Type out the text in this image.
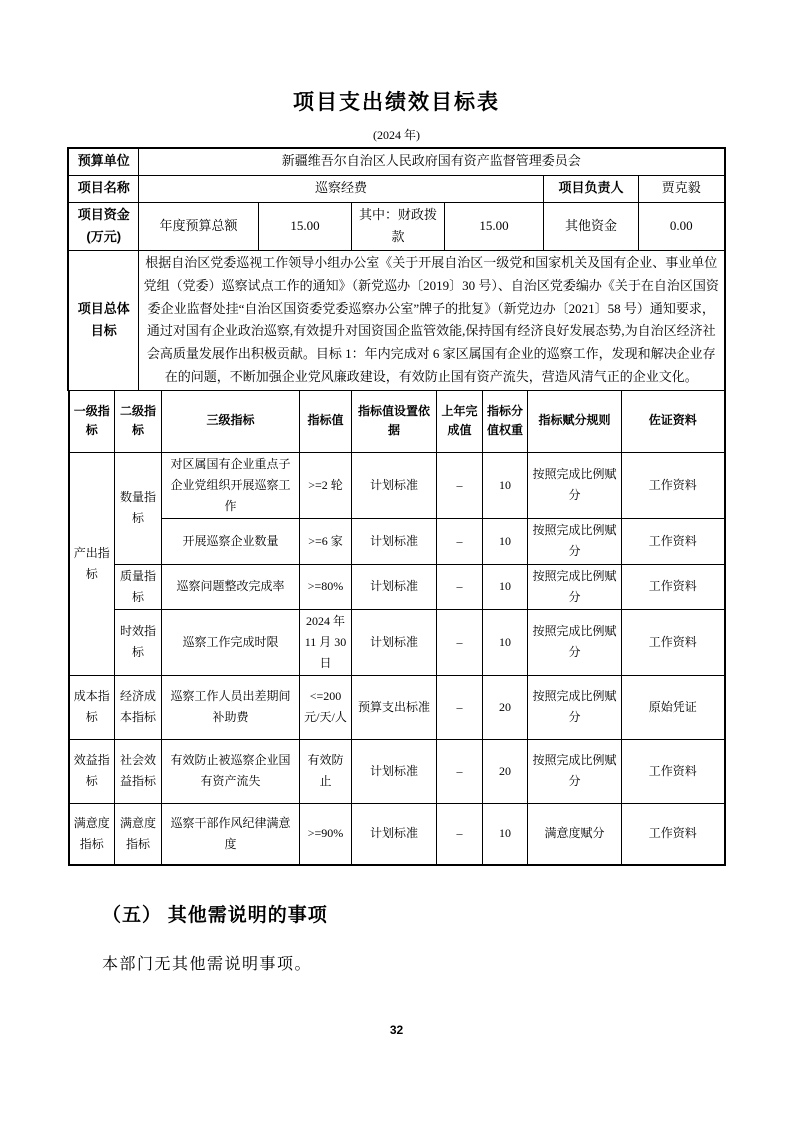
项目支出绩效目标表
(2024 年)
预算单位	新疆维吾尔自治区人民政府国有资产监督管理委员会					
项目名称	巡察经费				项目负责人	贾克毅
项目资金(万元)	年度预算总额	15.00	其中：财政拨款	15.00	其他资金	0.00
项目总体目标	根据自治区党委巡视工作领导小组办公室《关于开展自治区一级党和国家机关及国有企业、事业单位党组（党委）巡察试点工作的通知》（新党巡办〔2019〕30 号）、自治区党委编办《关于在自治区国资委企业监督处挂“自治区国资委党委巡察办公室”牌子的批复》（新党边办〔2021〕58 号）通知要求，通过对国有企业政治巡察,有效提升对国资国企监管效能,保持国有经济良好发展态势,为自治区经济社会高质量发展作出积极贡献。目标 1：年内完成对 6 家区属国有企业的巡察工作，发现和解决企业存在的问题，不断加强企业党风廉政建设，有效防止国有资产流失，营造风清气正的企业文化。					
一级指标	二级指标	三级指标	指标值	指标值设置依据	上年完成值	指标分值权重	指标赋分规则	佐证资料
产出指标	数量指标	对区属国有企业重点子企业党组织开展巡察工作	>=2 轮	计划标准	–	10	按照完成比例赋分	工作资料
		开展巡察企业数量	>=6 家	计划标准	–	10	按照完成比例赋分	工作资料
	质量指标	巡察问题整改完成率	>=80%	计划标准	–	10	按照完成比例赋分	工作资料
	时效指标	巡察工作完成时限	2024 年 11 月 30 日	计划标准	–	10	按照完成比例赋分	工作资料
成本指标	经济成本指标	巡察工作人员出差期间补助费	<=200 元/天/人	预算支出标准	–	20	按照完成比例赋分	原始凭证
效益指标	社会效益指标	有效防止被巡察企业国有资产流失	有效防止	计划标准	–	20	按照完成比例赋分	工作资料
满意度指标	满意度指标	巡察干部作风纪律满意度	>=90%	计划标准	–	10	满意度赋分	工作资料
（五） 其他需说明的事项
本部门无其他需说明事项。
32
